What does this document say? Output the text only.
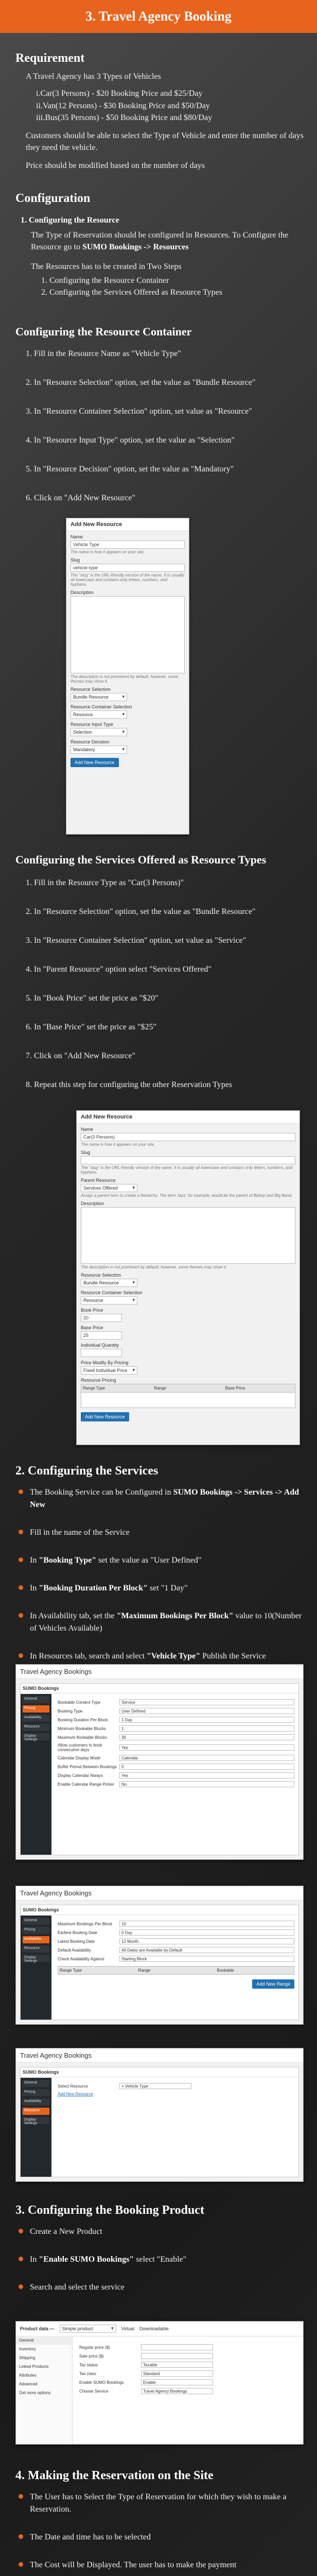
3. Travel Agency Booking
Requirement

A Travel Agency has 3 Types of Vehicles

i.Car(3 Persons) - $20 Booking Price and $25/Day

ii.Van(12 Persons) - $30 Booking Price and $50/Day

iii.Bus(35 Persons) - $50 Booking Price and $80/Day

Customers should be able to select the Type of Vehicle and enter the number of days they need the vehicle.

Price should be modified based on the number of days

Configuration
1. Configuring the Resource

The Type of Reservation should be configured in Resources. To Configure the Resource go to SUMO Bookings -> Resources

The Resources has to be created in Two Steps

1. Configuring the Resource Container

2. Configuring the Services Offered as Resource Types

Configuring the Resource Container
1. Fill in the Resource Name as "Vehicle Type"
2. In "Resource Selection" option, set the value as "Bundle Resource"
3. In "Resource Container Selection" option, set value as "Resource"
4. In "Resource Input Type" option, set the value as "Selection"
5. In "Resource Decision" option, set the value as "Mandatory"
6. Click on "Add New Resource"
Add New Resource
Name
Vehicle Type
The name is how it appears on your site.
Slug
vehicle-type
The "slug" is the URL-friendly version of the name. It is usually all lowercase and contains only letters, numbers, and hyphens.
Description
The description is not prominent by default; however, some themes may show it.
Resource Selection
Bundle Resource ▾
Resource Container Selection
Resource ▾
Resource Input Type
Selection ▾
Resource Decision
Mandatory ▾
Add New Resource
Configuring the Services Offered as Resource Types
1. Fill in the Resource Type as "Car(3 Persons)"
2. In "Resource Selection" option, set the value as "Bundle Resource"
3. In "Resource Container Selection" option, set value as "Service"
4. In "Parent Resource" option select "Services Offered"
5. In "Book Price" set the price as "$20"
6. In "Base Price" set the price as "$25"
7. Click on "Add New Resource"
8. Repeat this step for configuring the other Reservation Types
Add New Resource
Name
Car(3 Persons)
The name is how it appears on your site.
Slug
The "slug" is the URL-friendly version of the name. It is usually all lowercase and contains only letters, numbers, and hyphens.
Parent Resource
Services Offered ▾
Assign a parent term to create a hierarchy. The term Jazz, for example, would be the parent of Bebop and Big Band.
Description
The description is not prominent by default; however, some themes may show it.
Resource Selection
Bundle Resource ▾
Resource Container Selection
Resource ▾
Book Price
20
Base Price
25
Individual Quantity
Price Modify By Pricing
Fixed Individual Price ▾
Resource Pricing
Range Type	Range	Base Price
Add New Resource
2. Configuring the Services
The Booking Service can be Configured in SUMO Bookings -> Services -> Add New
Fill in the name of the Service
In "Booking Type" set the value as "User Defined"
In "Booking Duration Per Block" set "1 Day"
In Availability tab, set the "Maximum Bookings Per Block" value to 10(Number of Vehicles Available)
In Resources tab, search and select "Vehicle Type" Publish the Service
Travel Agency Bookings
SUMO Bookings
General
Pricing
Availability
Resource
Display Settings
Bookable Content Type	Service
Booking Type	User Defined
Booking Duration Per Block	1 Day
Minimum Bookable Blocks	1
Maximum Bookable Blocks	30
Allow customers to book consecutive days	Yes
Calendar Display Mode	Calendar
Buffer Period Between Bookings	0
Display Calendar Always	Yes
Enable Calendar Range Picker	No
Travel Agency Bookings
SUMO Bookings
General
Pricing
Availability
Resource
Display Settings
Maximum Bookings Per Block	10
Earliest Booking Date	0 Day
Latest Booking Date	12 Month
Default Availability	All Dates are Available by Default
Check Availability Against	Starting Block
Range Type	Range	Bookable
Add New Range
Travel Agency Bookings
SUMO Bookings
General
Pricing
Availability
Resource
Display Settings
Select Resource	× Vehicle Type
Add New Resource
3. Configuring the Booking Product
Create a New Product
In "Enable SUMO Bookings" select "Enable"
Search and select the service
Product data —	Simple product ▾	Virtual Downloadable
General
Inventory
Shipping
Linked Products
Attributes
Advanced
Get more options
Regular price ($)
Sale price ($)
Tax status	Taxable
Tax class	Standard
Enable SUMO Bookings	Enable
Choose Service	Travel Agency Bookings
4. Making the Reservation on the Site
The User has to Select the Type of Reservation for which they wish to make a Reservation.
The Date and time has to be selected
The Cost will be Displayed. The user has to make the payment
